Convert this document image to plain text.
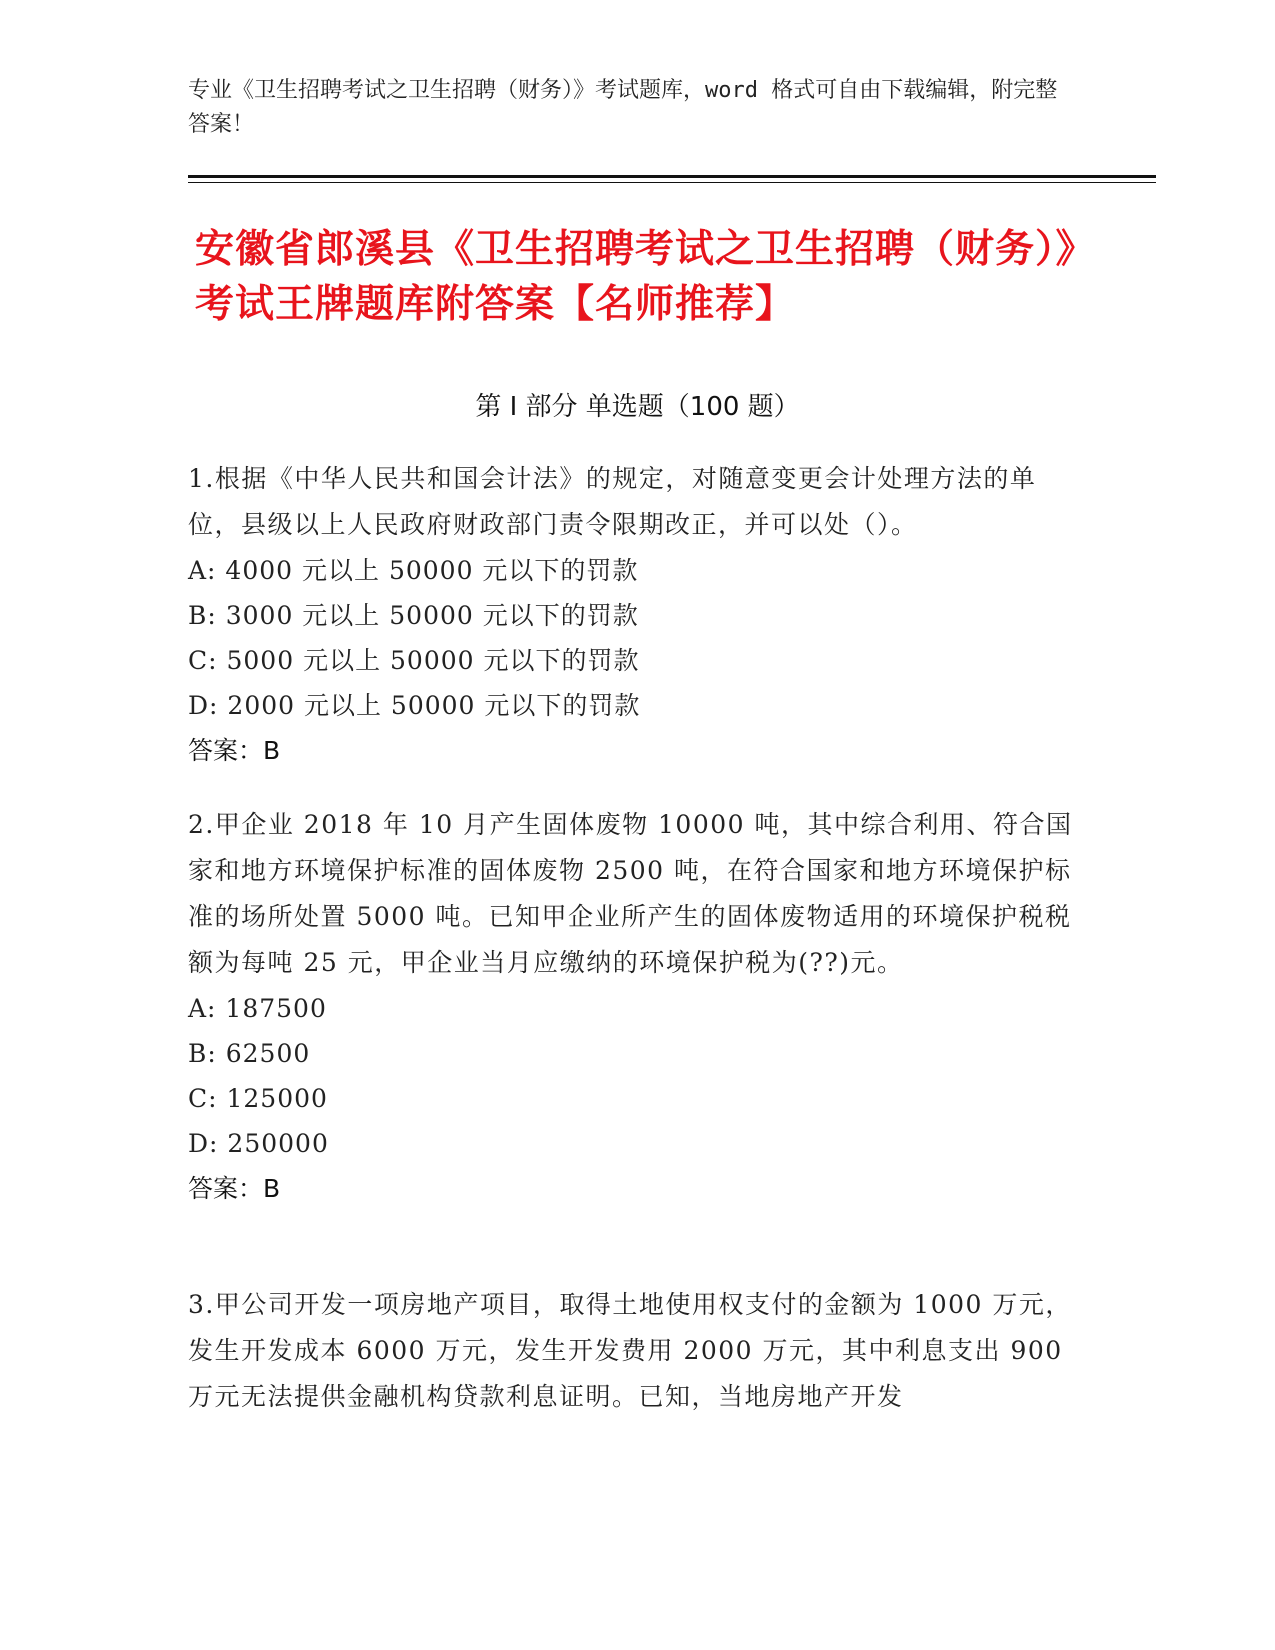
专业《卫生招聘考试之卫生招聘（财务）》考试题库，word 格式可自由下载编辑，附完整答案！
安徽省郎溪县《卫生招聘考试之卫生招聘（财务）》考试王牌题库附答案【名师推荐】
第 I 部分 单选题（100 题）
1.根据《中华人民共和国会计法》的规定，对随意变更会计处理方法的单位，县级以上人民政府财政部门责令限期改正，并可以处（）。
A: 4000 元以上 50000 元以下的罚款
B: 3000 元以上 50000 元以下的罚款
C: 5000 元以上 50000 元以下的罚款
D: 2000 元以上 50000 元以下的罚款
答案：B
2.甲企业 2018 年 10 月产生固体废物 10000 吨，其中综合利用、符合国家和地方环境保护标准的固体废物 2500 吨，在符合国家和地方环境保护标准的场所处置 5000 吨。已知甲企业所产生的固体废物适用的环境保护税税额为每吨 25 元，甲企业当月应缴纳的环境保护税为(??)元。
A: 187500
B: 62500
C: 125000
D: 250000
答案：B
3.甲公司开发一项房地产项目，取得土地使用权支付的金额为 1000 万元，发生开发成本 6000 万元，发生开发费用 2000 万元，其中利息支出 900 万元无法提供金融机构贷款利息证明。已知，当地房地产开发
